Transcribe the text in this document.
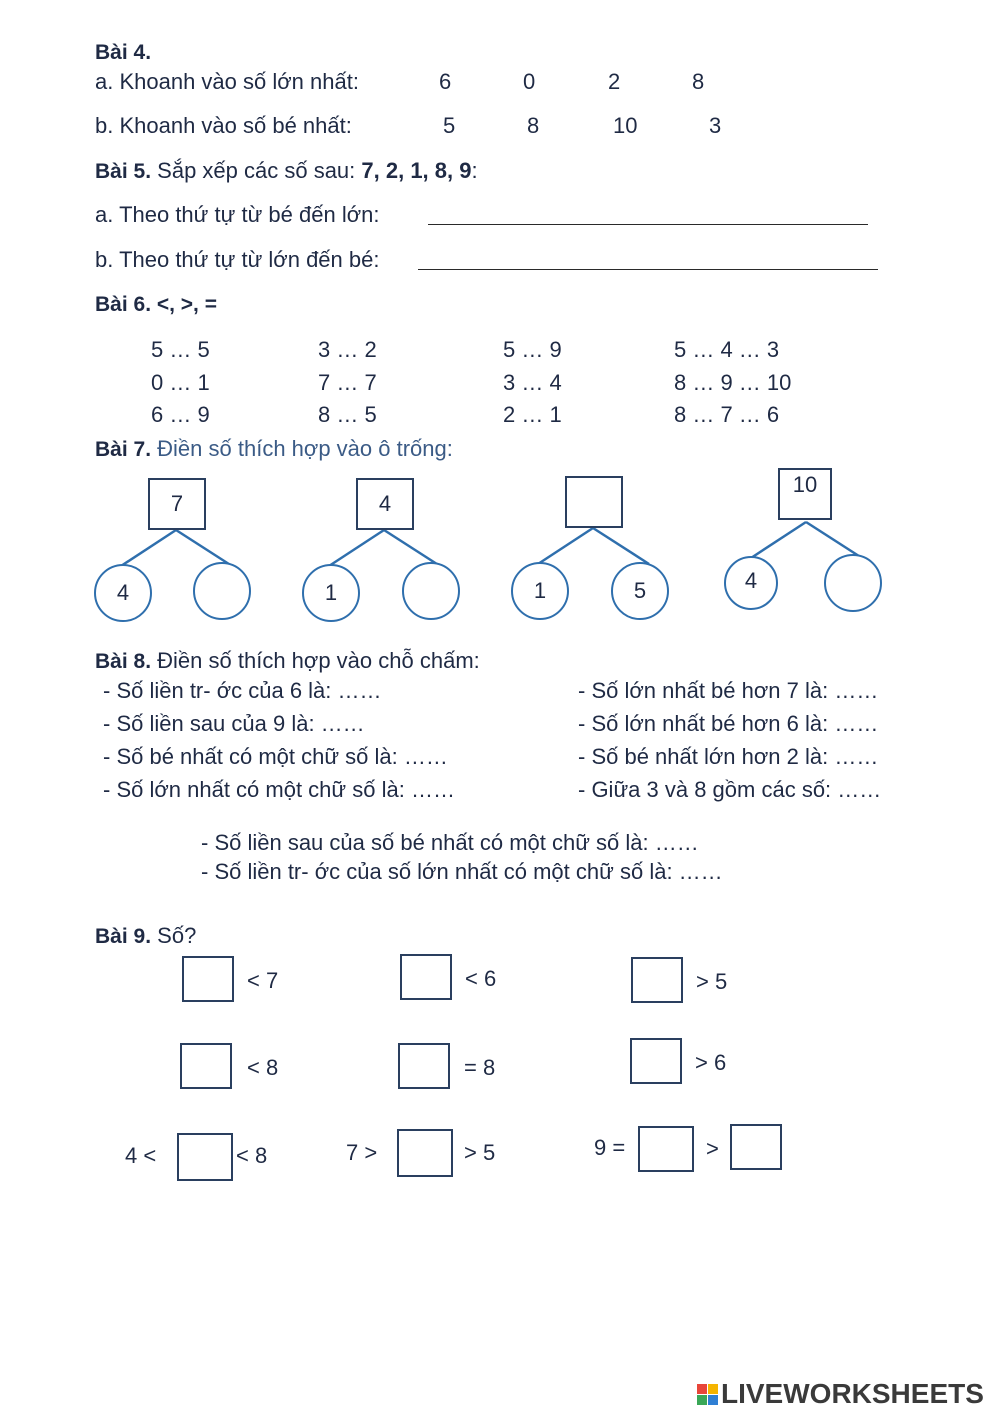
Bài 4.
a. Khoanh vào số lớn nhất:	6	0	2	8
b. Khoanh vào số bé nhất:	5	8	10	3
Bài 5. Sắp xếp các số sau: 7, 2, 1, 8, 9:
a. Theo thứ tự từ bé đến lớn:
b. Theo thứ tự từ lớn đến bé:
Bài 6. <, >, =
5 … 5	3 … 2	5 … 9	5 … 4 … 3
0 … 1	7 … 7	3 … 4	8 … 9 … 10
6 … 9	8 … 5	2 … 1	8 … 7 … 6
Bài 7. Điền số thích hợp vào ô trống:
7
4
4
1	1	5
10
4
Bài 8. Điền số thích hợp vào chỗ chấm:
- Số liền tr- ớc của 6 là: ……
- Số liền sau của 9 là: ……
- Số bé nhất có một chữ số là: ……
- Số lớn nhất có một chữ số là: ……
- Số lớn nhất bé hơn 7 là: ……
- Số lớn nhất bé hơn 6 là: ……
- Số bé nhất lớn hơn 2 là: ……
- Giữa 3 và 8 gồm các số: ……
- Số liền sau của số bé nhất có một chữ số là: ……
- Số liền tr- ớc của số lớn nhất có một chữ số là: ……
Bài 9. Số?
< 7	< 6	> 5
< 8	= 8	> 6
4 <	< 8	7 >	> 5	9 =	>
LIVEWORKSHEETS
